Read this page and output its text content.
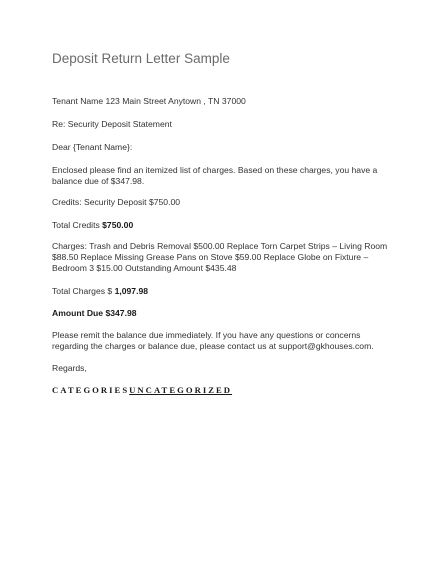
Deposit Return Letter Sample

Tenant Name 123 Main Street Anytown , TN 37000

Re: Security Deposit Statement

Dear {Tenant Name}:

Enclosed please find an itemized list of charges. Based on these charges, you have a balance due of $347.98.

Credits: Security Deposit $750.00

Total Credits $750.00

Charges: Trash and Debris Removal $500.00 Replace Torn Carpet Strips – Living Room $88.50 Replace Missing Grease Pans on Stove $59.00 Replace Globe on Fixture – Bedroom 3 $15.00 Outstanding Amount $435.48

Total Charges $ 1,097.98

Amount Due $347.98

Please remit the balance due immediately. If you have any questions or concerns regarding the charges or balance due, please contact us at support@gkhouses.com.

Regards,

CATEGORIESUNCATEGORIZED
